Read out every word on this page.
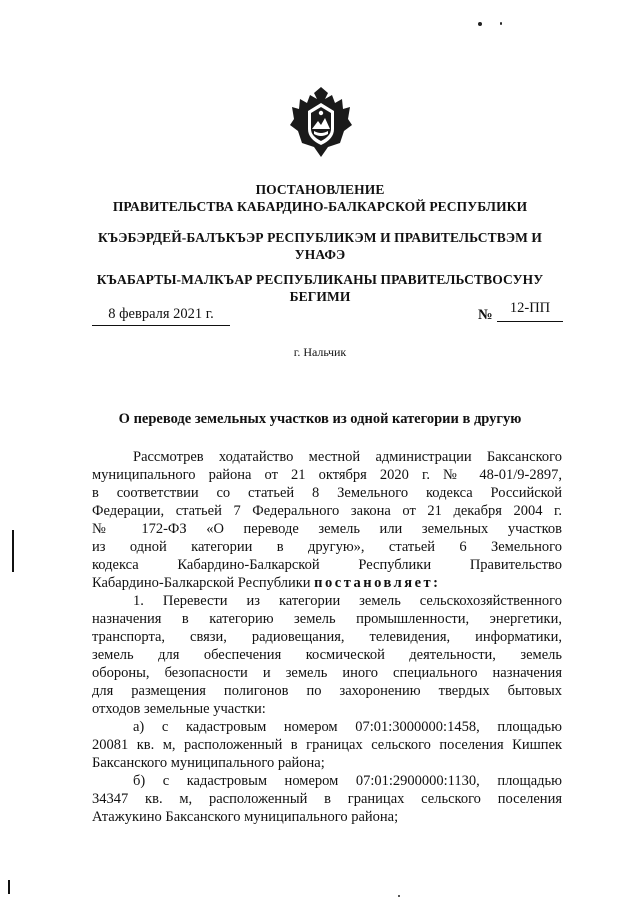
ПОСТАНОВЛЕНИЕ
ПРАВИТЕЛЬСТВА КАБАРДИНО-БАЛКАРСКОЙ РЕСПУБЛИКИ
КЪЭБЭРДЕЙ-БАЛЪКЪЭР РЕСПУБЛИКЭМ И ПРАВИТЕЛЬСТВЭМ И
УНАФЭ
КЪАБАРТЫ-МАЛКЪАР РЕСПУБЛИКАНЫ ПРАВИТЕЛЬСТВОСУНУ
БЕГИМИ
8 февраля 2021 г.	№	12-ПП
г. Нальчик
О переводе земельных участков из одной категории в другую
Рассмотрев ходатайство местной администрации Баксанского
муниципального района от 21 октября 2020 г. № 48-01/9-2897,
в соответствии со статьей 8 Земельного кодекса Российской
Федерации, статьей 7 Федерального закона от 21 декабря 2004 г.
№ 172-ФЗ «О переводе земель или земельных участков
из одной категории в другую», статьей 6 Земельного
кодекса Кабардино-Балкарской Республики Правительство
Кабардино-Балкарской Республики постановляет:
1. Перевести из категории земель сельскохозяйственного
назначения в категорию земель промышленности, энергетики,
транспорта, связи, радиовещания, телевидения, информатики,
земель для обеспечения космической деятельности, земель
обороны, безопасности и земель иного специального назначения
для размещения полигонов по захоронению твердых бытовых
отходов земельные участки:
а) с кадастровым номером 07:01:3000000:1458, площадью
20081 кв. м, расположенный в границах сельского поселения Кишпек
Баксанского муниципального района;
б) с кадастровым номером 07:01:2900000:1130, площадью
34347 кв. м, расположенный в границах сельского поселения
Атажукино Баксанского муниципального района;
